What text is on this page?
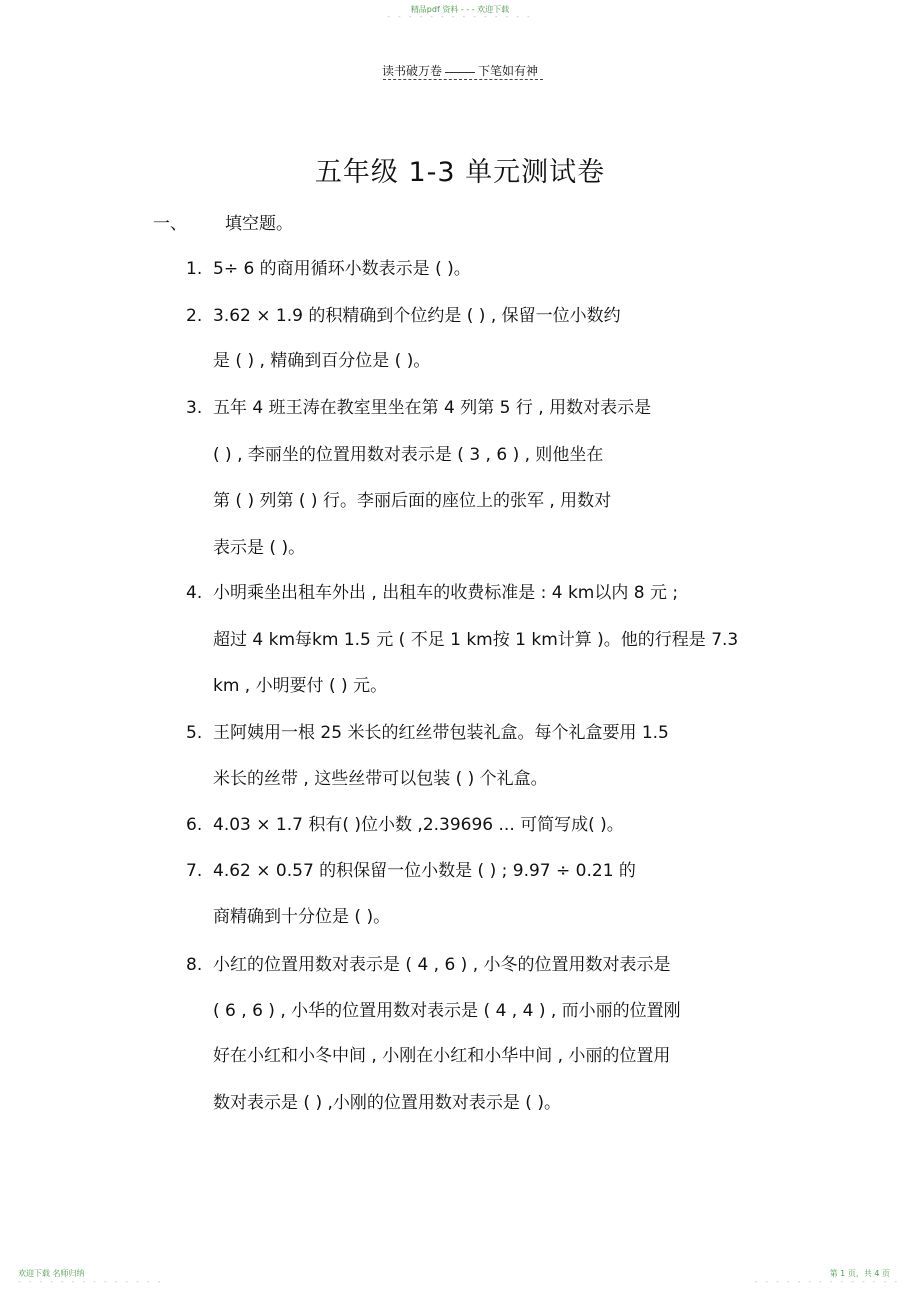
精品pdf 资料 - - - 欢迎下载
- - - - - - - - - - - - - -
读书破万卷	下笔如有神
五年级 1-3 单元测试卷
一、 填空题。
1. 5÷ 6 的商用循环小数表示是 ( )。
2. 3.62 × 1.9 的积精确到个位约是 ( ) , 保留一位小数约
是 ( ) , 精确到百分位是 ( )。
3. 五年 4 班王涛在教室里坐在第 4 列第 5 行 , 用数对表示是
( ) , 李丽坐的位置用数对表示是 ( 3 , 6 ) , 则他坐在
第 ( ) 列第 ( ) 行。李丽后面的座位上的张军 , 用数对
表示是 ( )。
4. 小明乘坐出租车外出 , 出租车的收费标准是 : 4 km以内 8 元 ;
超过 4 km每km 1.5 元 ( 不足 1 km按 1 km计算 )。他的行程是 7.3
km , 小明要付 ( ) 元。
5. 王阿姨用一根 25 米长的红丝带包装礼盒。每个礼盒要用 1.5
米长的丝带 , 这些丝带可以包装 ( ) 个礼盒。
6. 4.03 × 1.7 积有( )位小数 ,2.39696 ... 可简写成( )。
7. 4.62 × 0.57 的积保留一位小数是 ( ) ; 9.97 ÷ 0.21 的
商精确到十分位是 ( )。
8. 小红的位置用数对表示是 ( 4 , 6 ) , 小冬的位置用数对表示是
( 6 , 6 ) , 小华的位置用数对表示是 ( 4 , 4 ) , 而小丽的位置刚
好在小红和小冬中间 , 小刚在小红和小华中间 , 小丽的位置用
数对表示是 ( ) ,小刚的位置用数对表示是 ( )。
欢迎下载 名师归纳
- - - - - - - - - - - - - -
第 1 页，共 4 页
- - - - - - - - - - - - - -
